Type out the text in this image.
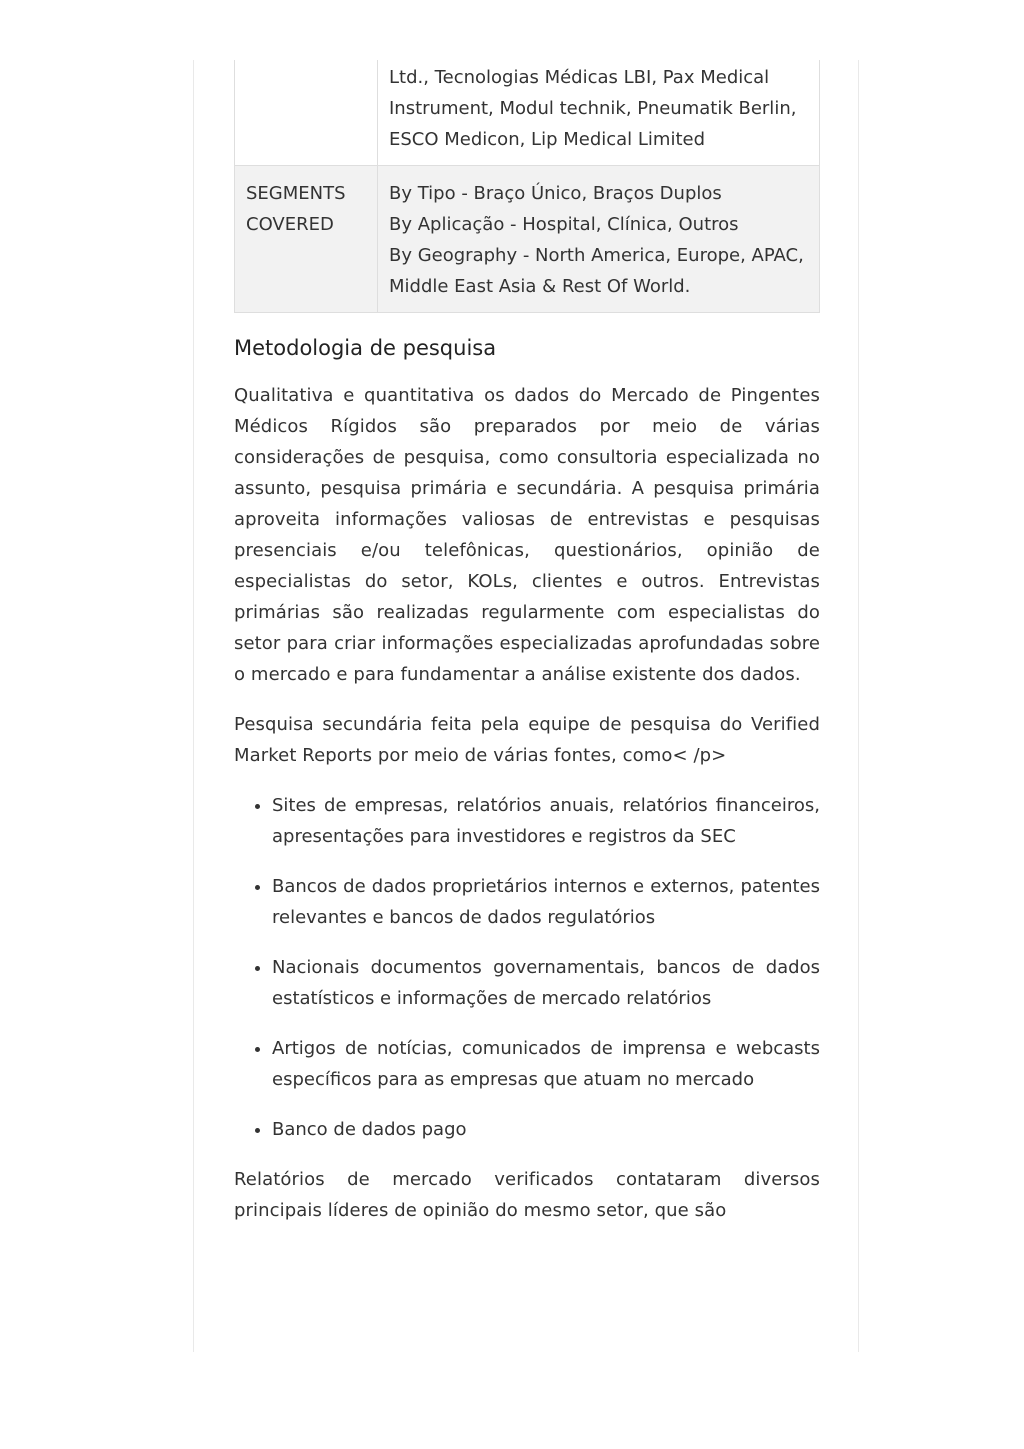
	Ltd., Tecnologias Médicas LBI, Pax Medical
Instrument, Modul technik, Pneumatik Berlin,
ESCO Medicon, Lip Medical Limited

SEGMENTS
COVERED	By Tipo - Braço Único, Braços Duplos
By Aplicação - Hospital, Clínica, Outros
By Geography - North America, Europe, APAC,
Middle East Asia & Rest Of World.
Metodologia de pesquisa

Qualitativa e quantitativa os dados do Mercado de Pingentes Médicos Rígidos são preparados por meio de várias considerações de pesquisa, como consultoria especializada no assunto, pesquisa primária e secundária. A pesquisa primária aproveita informações valiosas de entrevistas e pesquisas presenciais e/ou telefônicas, questionários, opinião de especialistas do setor, KOLs, clientes e outros. Entrevistas primárias são realizadas regularmente com especialistas do setor para criar informações especializadas aprofundadas sobre o mercado e para fundamentar a análise existente dos dados.

Pesquisa secundária feita pela equipe de pesquisa do Verified Market Reports por meio de várias fontes, como< /p>

• Sites de empresas, relatórios anuais, relatórios financeiros, apresentações para investidores e registros da SEC
• Bancos de dados proprietários internos e externos, patentes relevantes e bancos de dados regulatórios
• Nacionais documentos governamentais, bancos de dados estatísticos e informações de mercado relatórios
• Artigos de notícias, comunicados de imprensa e webcasts específicos para as empresas que atuam no mercado
• Banco de dados pago

Relatórios de mercado verificados contataram diversos principais líderes de opinião do mesmo setor, que são
